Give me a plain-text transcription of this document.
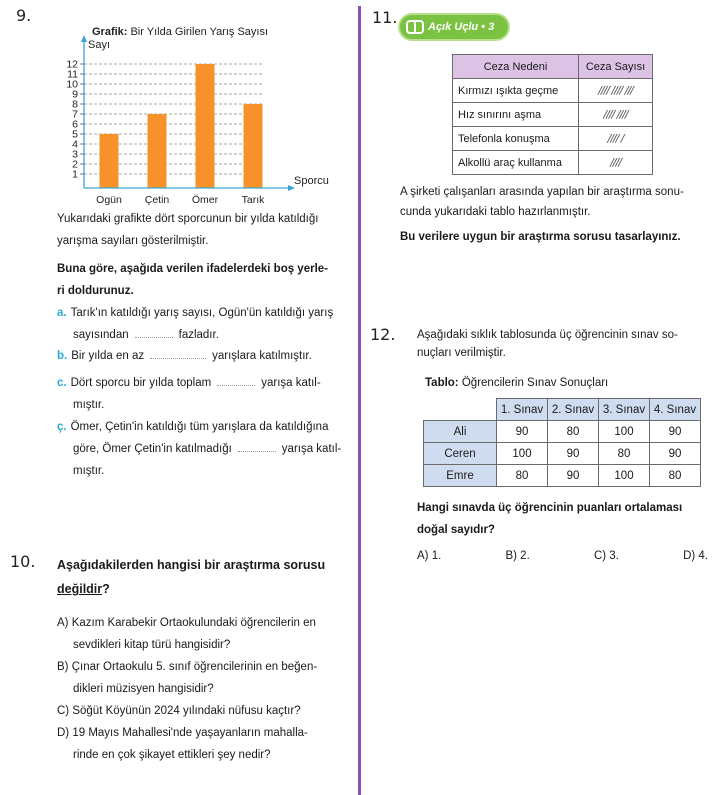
9.
Grafik: Bir Yılda Girilen Yarış Sayısı
Sayı
1
2
3
4
5
6
7
8
9
10
11
12
Ogün Çetin Ömer Tarık
Sporcu
Yukarıdaki grafikte dört sporcunun bir yılda katıldığı
yarışma sayıları gösterilmiştir.
Buna göre, aşağıda verilen ifadelerdeki boş yerle-
ri doldurunuz.
a. Tarık'ın katıldığı yarış sayısı, Ogün'ün katıldığı yarış
sayısından	fazladır.
b. Bir yılda en az	yarışlara katılmıştır.
c. Dört sporcu bir yılda toplam	yarışa katıl-
mıştır.
ç. Ömer, Çetin'in katıldığı tüm yarışlara da katıldığına
göre, Ömer Çetin'in katılmadığı	yarışa katıl-
mıştır.
10. Aşağıdakilerden hangisi bir araştırma sorusu
değildir?
A) Kazım Karabekir Ortaokulundaki öğrencilerin en
sevdikleri kitap türü hangisidir?
B) Çınar Ortaokulu 5. sınıf öğrencilerinin en beğen-
dikleri müzisyen hangisidir?
C) Söğüt Köyünün 2024 yılındaki nüfusu kaçtır?
D) 19 Mayıs Mahallesi'nde yaşayanların mahalla-
rinde en çok şikayet ettikleri şey nedir?
11.	Açık Uçlu • 3
Ceza Nedeni	Ceza Sayısı
Kırmızı ışıkta geçme	//// //// ///
Hız sınırını aşma	//// ////
Telefonla konuşma	//// /
Alkollü araç kullanma	////
A şirketi çalışanları arasında yapılan bir araştırma sonu-
cunda yukarıdaki tablo hazırlanmıştır.
Bu verilere uygun bir araştırma sorusu tasarlayınız.
12. Aşağıdaki sıklık tablosunda üç öğrencinin sınav so-
nuçları verilmiştir.
Tablo: Öğrencilerin Sınav Sonuçları
	1. Sınav	2. Sınav	3. Sınav	4. Sınav
Ali	90	80	100	90
Ceren	100	90	80	90
Emre	80	90	100	80
Hangi sınavda üç öğrencinin puanları ortalaması
doğal sayıdır?
A) 1.	B) 2.	C) 3.	D) 4.
